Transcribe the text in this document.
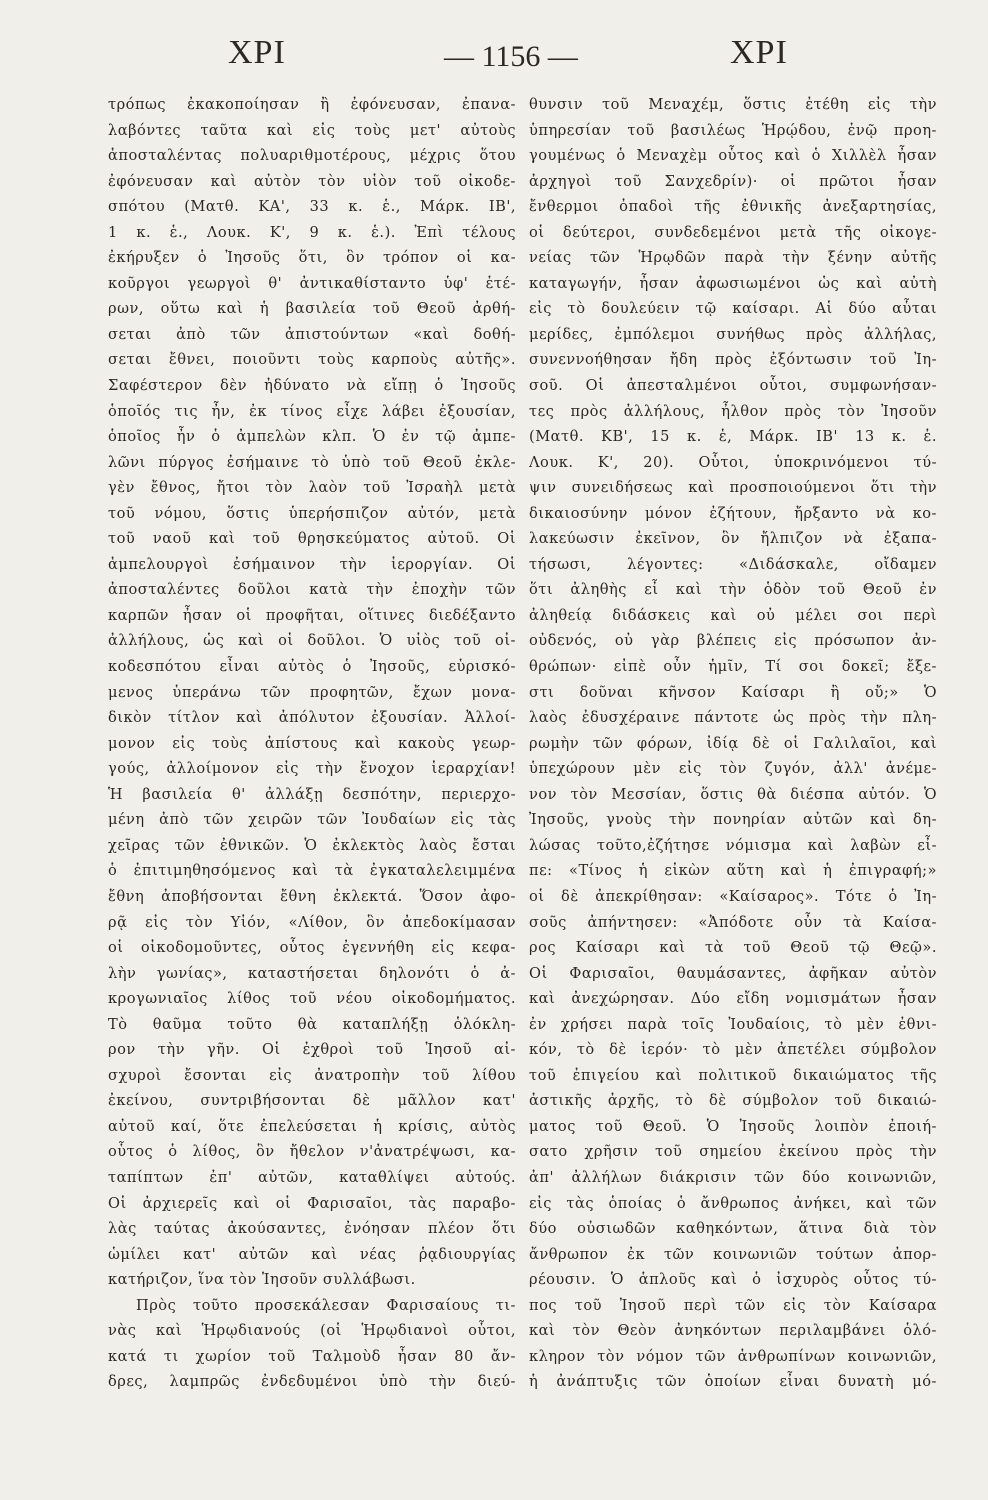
XPI	— 1156 —	XPI
τρόπως ἐκακοποίησαν ἢ ἐφόνευσαν, ἐπανα-
λαβόντες ταῦτα καὶ εἰς τοὺς μετ' αὐτοὺς
ἀποσταλέντας πολυαριθμοτέρους, μέχρις ὅτου
ἐφόνευσαν καὶ αὐτὸν τὸν υἱὸν τοῦ οἰκοδε-
σπότου (Ματθ. ΚΑ', 33 κ. ἑ., Μάρκ. ΙΒ',
1 κ. ἑ., Λουκ. Κ', 9 κ. ἑ.). Ἐπὶ τέλους
ἐκήρυξεν ὁ Ἰησοῦς ὅτι, ὃν τρόπον οἱ κα-
κοῦργοι γεωργοὶ θ' ἀντικαθίσταντο ὑφ' ἑτέ-
ρων, οὕτω καὶ ἡ βασιλεία τοῦ Θεοῦ ἀρθή-
σεται ἀπὸ τῶν ἀπιστούντων «καὶ δοθή-
σεται ἔθνει, ποιοῦντι τοὺς καρποὺς αὐτῆς».
Σαφέστερον δὲν ἠδύνατο νὰ εἴπῃ ὁ Ἰησοῦς
ὁποῖός τις ἦν, ἐκ τίνος εἶχε λάβει ἐξουσίαν,
ὁποῖος ἦν ὁ ἀμπελὼν κλπ. Ὁ ἐν τῷ ἀμπε-
λῶνι πύργος ἐσήμαινε τὸ ὑπὸ τοῦ Θεοῦ ἐκλε-
γὲν ἔθνος, ἤτοι τὸν λαὸν τοῦ Ἰσραὴλ μετὰ
τοῦ νόμου, ὅστις ὑπερήσπιζον αὐτόν, μετὰ
τοῦ ναοῦ καὶ τοῦ θρησκεύματος αὐτοῦ. Οἱ
ἀμπελουργοὶ ἐσήμαινον τὴν ἱεροργίαν. Οἱ
ἀποσταλέντες δοῦλοι κατὰ τὴν ἐποχὴν τῶν
καρπῶν ἦσαν οἱ προφῆται, οἵτινες διεδέξαντο
ἀλλήλους, ὡς καὶ οἱ δοῦλοι. Ὁ υἱὸς τοῦ οἰ-
κοδεσπότου εἶναι αὐτὸς ὁ Ἰησοῦς, εὑρισκό-
μενος ὑπεράνω τῶν προφητῶν, ἔχων μονα-
δικὸν τίτλον καὶ ἀπόλυτον ἐξουσίαν. Ἀλλοί-
μονον εἰς τοὺς ἀπίστους καὶ κακοὺς γεωρ-
γούς, ἀλλοίμονον εἰς τὴν ἔνοχον ἱεραρχίαν!
Ἡ βασιλεία θ' ἀλλάξῃ δεσπότην, περιερχο-
μένη ἀπὸ τῶν χειρῶν τῶν Ἰουδαίων εἰς τὰς
χεῖρας τῶν ἐθνικῶν. Ὁ ἐκλεκτὸς λαὸς ἔσται
ὁ ἐπιτιμηθησόμενος καὶ τὰ ἐγκαταλελειμμένα
ἔθνη ἀποβήσονται ἔθνη ἐκλεκτά. Ὅσον ἀφο-
ρᾷ εἰς τὸν Υἱόν, «Λίθον, ὃν ἀπεδοκίμασαν
οἱ οἰκοδομοῦντες, οὗτος ἐγεννήθη εἰς κεφα-
λὴν γωνίας», καταστήσεται δηλονότι ὁ ἀ-
κρογωνιαῖος λίθος τοῦ νέου οἰκοδομήματος.
Τὸ θαῦμα τοῦτο θὰ καταπλήξῃ ὁλόκλη-
ρον τὴν γῆν. Οἱ ἐχθροὶ τοῦ Ἰησοῦ αἰ-
σχυροὶ ἔσονται εἰς ἀνατροπὴν τοῦ λίθου
ἐκείνου, συντριβήσονται δὲ μᾶλλον κατ'
αὐτοῦ καί, ὅτε ἐπελεύσεται ἡ κρίσις, αὐτὸς
οὗτος ὁ λίθος, ὃν ἤθελον ν'ἀνατρέψωσι, κα-
ταπίπτων ἐπ' αὐτῶν, καταθλίψει αὐτούς.
Οἱ ἀρχιερεῖς καὶ οἱ Φαρισαῖοι, τὰς παραβο-
λὰς ταύτας ἀκούσαντες, ἐνόησαν πλέον ὅτι
ὡμίλει κατ' αὐτῶν καὶ νέας ῥᾳδιουργίας
κατήριζον, ἵνα τὸν Ἰησοῦν συλλάβωσι.
Πρὸς τοῦτο προσεκάλεσαν Φαρισαίους τι-
νὰς καὶ Ἡρῳδιανούς (οἱ Ἡρῳδιανοὶ οὗτοι,
κατά τι χωρίον τοῦ Ταλμοὺδ ἦσαν 80 ἄν-
δρες, λαμπρῶς ἐνδεδυμένοι ὑπὸ τὴν διεύ-
θυνσιν τοῦ Μεναχέμ, ὅστις ἐτέθη εἰς τὴν
ὑπηρεσίαν τοῦ βασιλέως Ἡρῴδου, ἐνῷ προη-
γουμένως ὁ Μεναχὲμ οὗτος καὶ ὁ Χιλλὲλ ἦσαν
ἀρχηγοὶ τοῦ Σανχεδρίν)· οἱ πρῶτοι ἦσαν
ἔνθερμοι ὀπαδοὶ τῆς ἐθνικῆς ἀνεξαρτησίας,
οἱ δεύτεροι, συνδεδεμένοι μετὰ τῆς οἰκογε-
νείας τῶν Ἡρῳδῶν παρὰ τὴν ξένην αὐτῆς
καταγωγήν, ἦσαν ἀφωσιωμένοι ὡς καὶ αὐτὴ
εἰς τὸ δουλεύειν τῷ καίσαρι. Αἱ δύο αὗται
μερίδες, ἐμπόλεμοι συνήθως πρὸς ἀλλήλας,
συνεννοήθησαν ἤδη πρὸς ἐξόντωσιν τοῦ Ἰη-
σοῦ. Οἱ ἀπεσταλμένοι οὗτοι, συμφωνήσαν-
τες πρὸς ἀλλήλους, ἦλθον πρὸς τὸν Ἰησοῦν
(Ματθ. ΚΒ', 15 κ. ἑ, Μάρκ. ΙΒ' 13 κ. ἑ.
Λουκ. Κ', 20). Οὗτοι, ὑποκρινόμενοι τύ-
ψιν συνειδήσεως καὶ προσποιούμενοι ὅτι τὴν
δικαιοσύνην μόνον ἐζήτουν, ἤρξαντο νὰ κο-
λακεύωσιν ἐκεῖνον, ὃν ἤλπιζον νὰ ἐξαπα-
τήσωσι, λέγοντες: «Διδάσκαλε, οἴδαμεν
ὅτι ἀληθὴς εἶ καὶ τὴν ὁδὸν τοῦ Θεοῦ ἐν
ἀληθείᾳ διδάσκεις καὶ οὐ μέλει σοι περὶ
οὐδενός, οὐ γὰρ βλέπεις εἰς πρόσωπον ἀν-
θρώπων· εἰπὲ οὖν ἡμῖν, Τί σοι δοκεῖ; ἔξε-
στι δοῦναι κῆνσον Καίσαρι ἢ οὔ;» Ὁ
λαὸς ἐδυσχέραινε πάντοτε ὡς πρὸς τὴν πλη-
ρωμὴν τῶν φόρων, ἰδίᾳ δὲ οἱ Γαλιλαῖοι, καὶ
ὑπεχώρουν μὲν εἰς τὸν ζυγόν, ἀλλ' ἀνέμε-
νον τὸν Μεσσίαν, ὅστις θὰ διέσπα αὐτόν. Ὁ
Ἰησοῦς, γνοὺς τὴν πονηρίαν αὐτῶν καὶ δη-
λώσας τοῦτο,ἐζήτησε νόμισμα καὶ λαβὼν εἶ-
πε: «Τίνος ἡ εἰκὼν αὕτη καὶ ἡ ἐπιγραφή;»
οἱ δὲ ἀπεκρίθησαν: «Καίσαρος». Τότε ὁ Ἰη-
σοῦς ἀπήντησεν: «Ἀπόδοτε οὖν τὰ Καίσα-
ρος Καίσαρι καὶ τὰ τοῦ Θεοῦ τῷ Θεῷ».
Οἱ Φαρισαῖοι, θαυμάσαντες, ἀφῆκαν αὐτὸν
καὶ ἀνεχώρησαν. Δύο εἴδη νομισμάτων ἦσαν
ἐν χρήσει παρὰ τοῖς Ἰουδαίοις, τὸ μὲν ἐθνι-
κόν, τὸ δὲ ἱερόν· τὸ μὲν ἀπετέλει σύμβολον
τοῦ ἐπιγείου καὶ πολιτικοῦ δικαιώματος τῆς
ἀστικῆς ἀρχῆς, τὸ δὲ σύμβολον τοῦ δικαιώ-
ματος τοῦ Θεοῦ. Ὁ Ἰησοῦς λοιπὸν ἐποιή-
σατο χρῆσιν τοῦ σημείου ἐκείνου πρὸς τὴν
ἀπ' ἀλλήλων διάκρισιν τῶν δύο κοινωνιῶν,
εἰς τὰς ὁποίας ὁ ἄνθρωπος ἀνήκει, καὶ τῶν
δύο οὐσιωδῶν καθηκόντων, ἅτινα διὰ τὸν
ἄνθρωπον ἐκ τῶν κοινωνιῶν τούτων ἀπορ-
ρέουσιν. Ὁ ἁπλοῦς καὶ ὁ ἰσχυρὸς οὗτος τύ-
πος τοῦ Ἰησοῦ περὶ τῶν εἰς τὸν Καίσαρα
καὶ τὸν Θεὸν ἀνηκόντων περιλαμβάνει ὁλό-
κληρον τὸν νόμον τῶν ἀνθρωπίνων κοινωνιῶν,
ἡ ἀνάπτυξις τῶν ὁποίων εἶναι δυνατὴ μό-
